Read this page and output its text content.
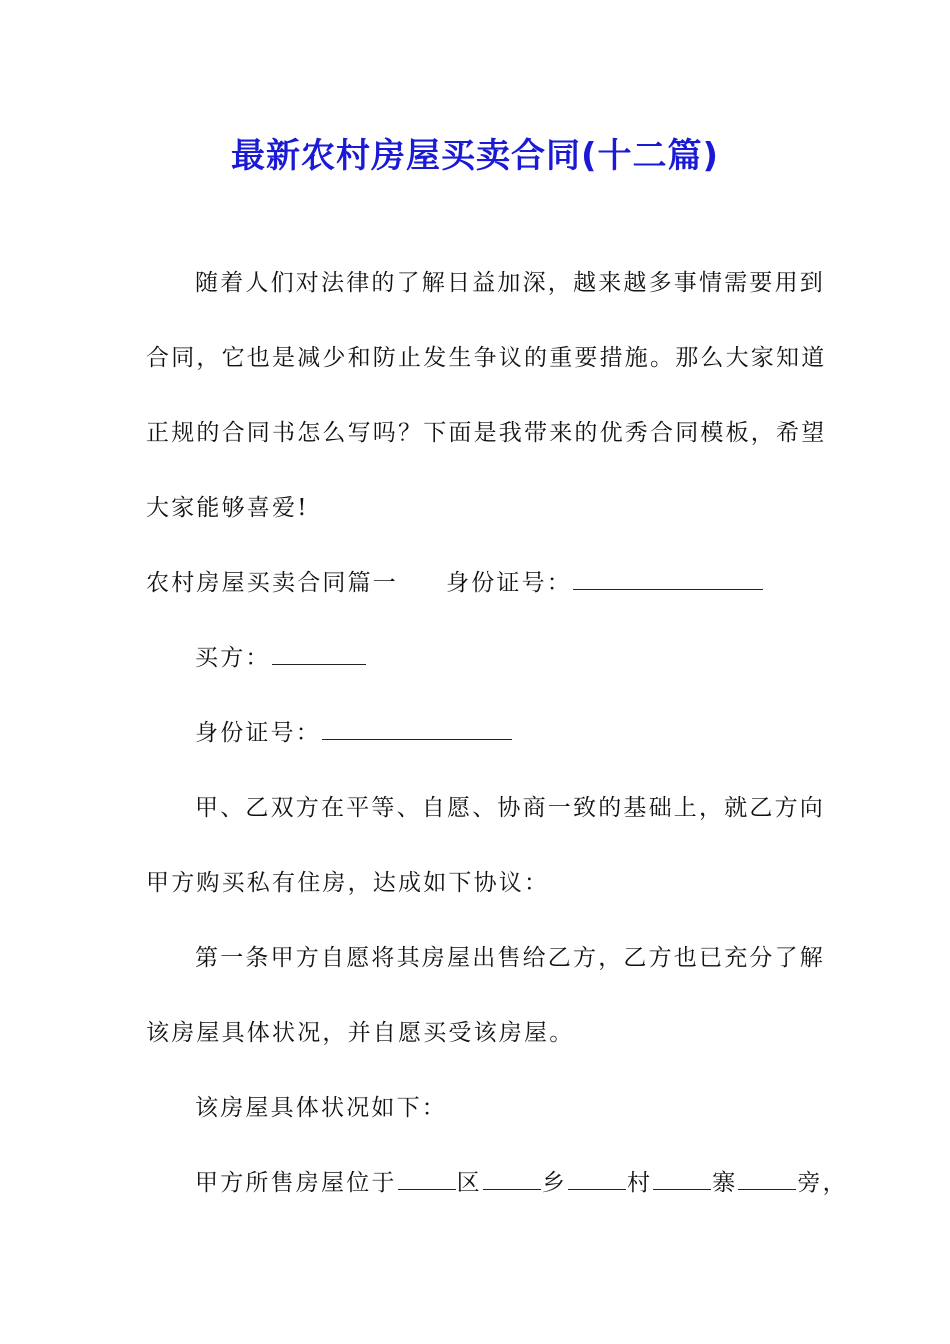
最新农村房屋买卖合同(十二篇)
随着人们对法律的了解日益加深，越来越多事情需要用到
合同，它也是减少和防止发生争议的重要措施。那么大家知道
正规的合同书怎么写吗？下面是我带来的优秀合同模板，希望
大家能够喜爱!
农村房屋买卖合同篇一 身份证号：
买方：
身份证号：
甲、乙双方在平等、自愿、协商一致的基础上，就乙方向
甲方购买私有住房，达成如下协议：
第一条甲方自愿将其房屋出售给乙方，乙方也已充分了解
该房屋具体状况，并自愿买受该房屋。
该房屋具体状况如下：
甲方所售房屋位于	区	乡	村	寨	旁，
